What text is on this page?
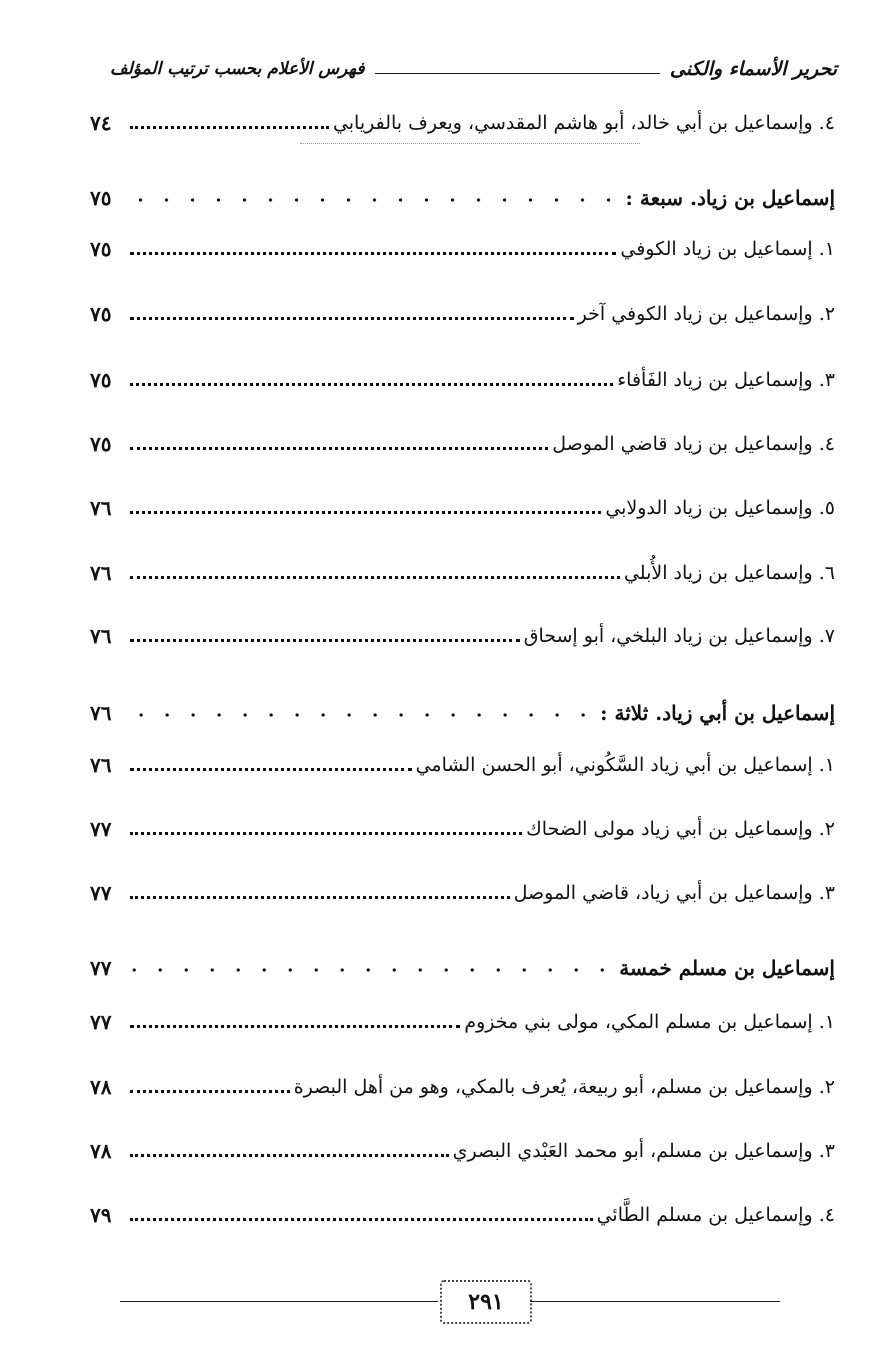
تحرير الأسماء والكنى
فهرس الأعلام بحسب ترتيب المؤلف
٤. وإسماعيل بن أبي خالد، أبو هاشم المقدسي، ويعرف بالفريابي
٧٤
إسماعيل بن زياد. سبعة :
٧٥
١. إسماعيل بن زياد الكوفي
٧٥
٢. وإسماعيل بن زياد الكوفي آخر
٧٥
٣. وإسماعيل بن زياد الفَأفاء
٧٥
٤. وإسماعيل بن زياد قاضي الموصل
٧٥
٥. وإسماعيل بن زياد الدولابي
٧٦
٦. وإسماعيل بن زياد الأُبلي
٧٦
٧. وإسماعيل بن زياد البلخي، أبو إسحاق
٧٦
إسماعيل بن أبي زياد. ثلاثة :
٧٦
١. إسماعيل بن أبي زياد السَّكُوني، أبو الحسن الشامي
٧٦
٢. وإسماعيل بن أبي زياد مولى الضحاك
٧٧
٣. وإسماعيل بن أبي زياد، قاضي الموصل
٧٧
إسماعيل بن مسلم خمسة
٧٧
١. إسماعيل بن مسلم المكي، مولى بني مخزوم
٧٧
٢. وإسماعيل بن مسلم، أبو ربيعة، يُعرف بالمكي، وهو من أهل البصرة
٧٨
٣. وإسماعيل بن مسلم، أبو محمد العَبْدي البصري
٧٨
٤. وإسماعيل بن مسلم الطَّائي
٧٩
٢٩١
